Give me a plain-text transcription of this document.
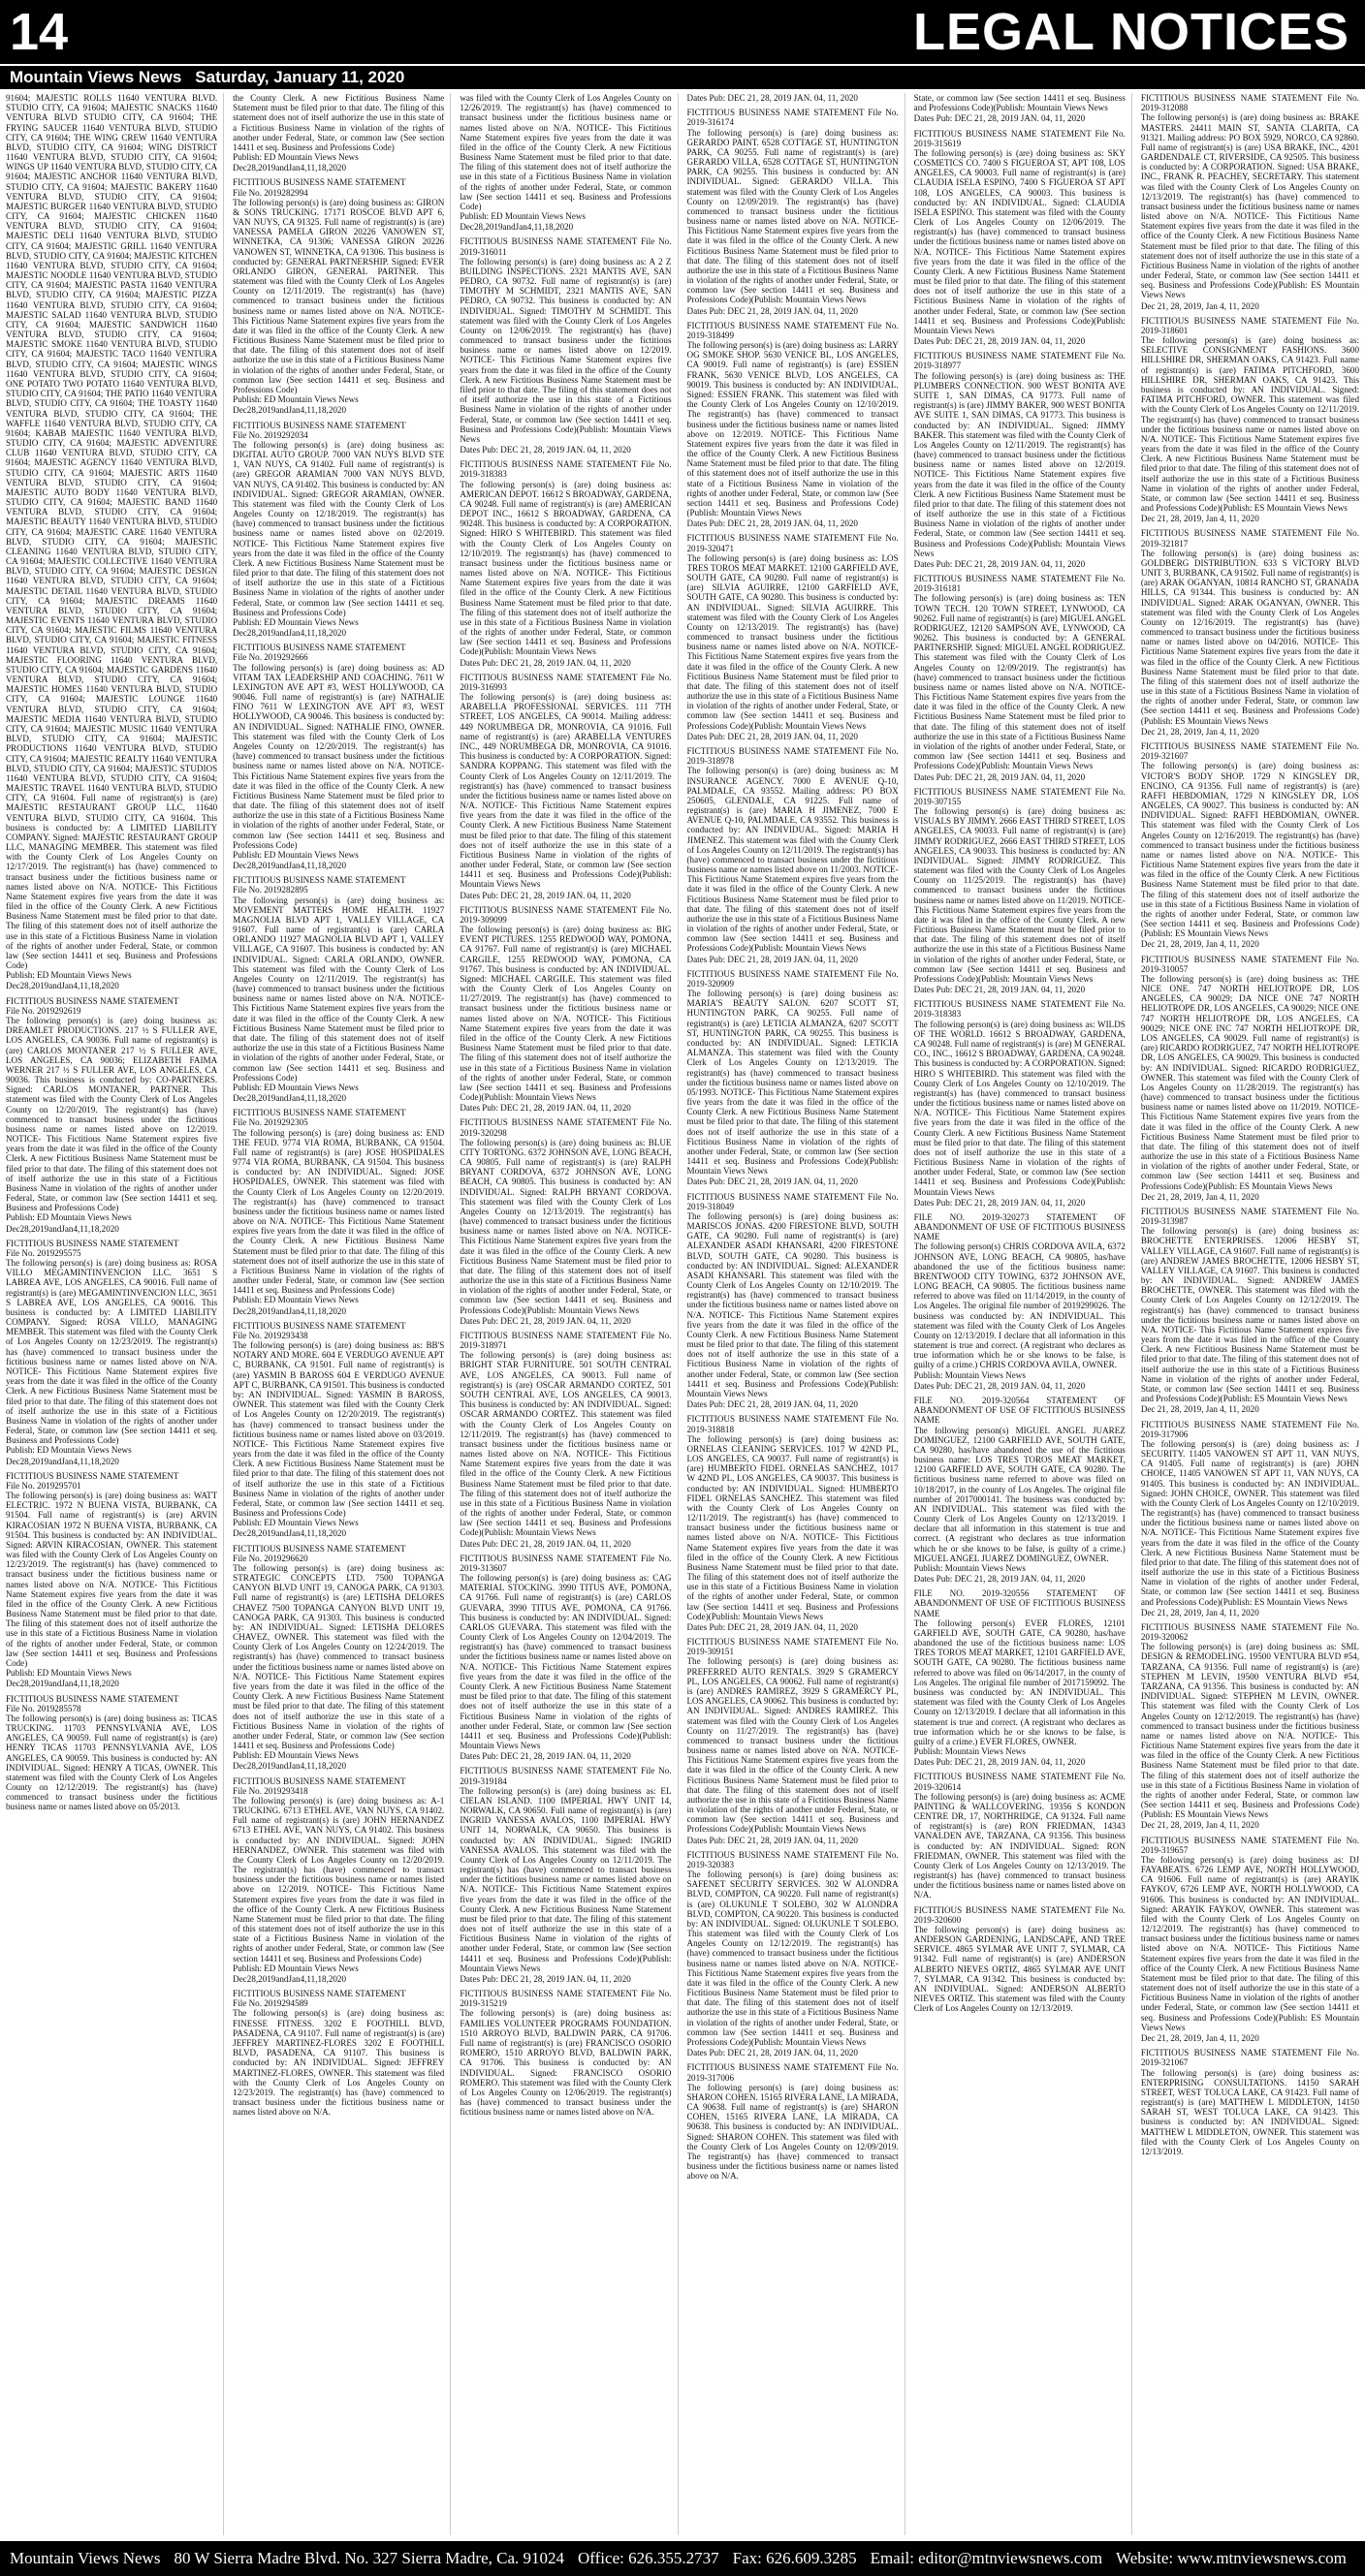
14	LEGAL NOTICES
Mountain Views News Saturday, January 11, 2020
91604; MAJESTIC ROLLS 11640 VENTURA BLVD. STUDIO CITY, CA 91604; MAJESTIC SNACKS 11640 VENTURA BLVD STUDIO CITY, CA 91604; THE FRYING SAUCER 11640 VENTURA BLVD, STUDIO CITY, CA 91604; THE WING CREW 11640 VENTURA BLVD, STUDIO CITY, CA 91604; WING DISTRICT 11640 VENTURA BLVD, STUDIO CITY, CA 91604; WINGS UP 11640 VENTURA BLVD, STUDIO CITY, CA 91604; MAJESTIC ANCHOR 11640 VENTURA BLVD, STUDIO CITY, CA 91604; MAJESTIC BAKERY 11640 VENTURA BLVD, STUDIO CITY, CA 91604; MAJESTIC BURGER 11640 VENTURA BLVD, STUDIO CITY, CA 91604; MAJESTIC CHICKEN 11640 VENTURA BLVD, STUDIO CITY, CA 91604; MAJESTIC DELI 11640 VENTURA BLVD, STUDIO CITY, CA 91604; MAJESTIC GRILL 11640 VENTURA BLVD, STUDIO CITY, CA 91604; MAJESTIC KITCHEN 11640 VENTURA BLVD, STUDIO CITY, CA 91604; MAJESTIC NOODLE 11640 VENTURA BLVD, STUDIO CITY, CA 91604; MAJESTIC PASTA 11640 VENTURA BLVD, STUDIO CITY, CA 91604; MAJESTIC PIZZA 11640 VENTURA BLVD, STUDIO CITY, CA 91604; MAJESTIC SALAD 11640 VENTURA BLVD, STUDIO CITY, CA 91604; MAJESTIC SANDWICH 11640 VENTURA BLVD, STUDIO CITY, CA 91604; MAJESTIC SMOKE 11640 VENTURA BLVD, STUDIO CITY, CA 91604; MAJESTIC TACO 11640 VENTURA BLVD, STUDIO CITY, CA 91604; MAJESTIC WINGS 11640 VENTURA BLVD, STUDIO CITY, CA 91604; ONE POTATO TWO POTATO 11640 VENTURA BLVD, STUDIO CITY, CA 91604; THE PATIO 11640 VENTURA BLVD, STUDIO CITY, CA 91604; THE TOASTY 11640 VENTURA BLVD, STUDIO CITY, CA 91604; THE WAFFLE 11640 VENTURA BLVD, STUDIO CITY, CA 91604; KABAB MAJESTIC 11640 VENTURA BLVD, STUDIO CITY, CA 91604; MAJESTIC ADVENTURE CLUB 11640 VENTURA BLVD, STUDIO CITY, CA 91604; MAJESTIC AGENCY 11640 VENTURA BLVD, STUDIO CITY, CA 91604; MAJESTIC ARTS 11640 VENTURA BLVD, STUDIO CITY, CA 91604; MAJESTIC AUTO BODY 11640 VENTURA BLVD, STUDIO CITY, CA 91604; MAJESTIC BAND 11640 VENTURA BLVD, STUDIO CITY, CA 91604; MAJESTIC BEAUTY 11640 VENTURA BLVD, STUDIO CITY, CA 91604; MAJESTIC CARE 11640 VENTURA BLVD, STUDIO CITY, CA 91604; MAJESTIC CLEANING 11640 VENTURA BLVD, STUDIO CITY, CA 91604; MAJESTIC COLLECTIVE 11640 VENTURA BLVD, STUDIO CITY, CA 91604; MAJESTIC DESIGN 11640 VENTURA BLVD, STUDIO CITY, CA 91604; MAJESTIC DETAIL 11640 VENTURA BLVD, STUDIO CITY, CA 91604; MAJESTIC DREAMS 11640 VENTURA BLVD, STUDIO CITY, CA 91604; MAJESTIC EVENTS 11640 VENTURA BLVD, STUDIO CITY, CA 91604; MAJESTIC FILMS 11640 VENTURA BLVD, STUDIO CITY, CA 91604; MAJESTIC FITNESS 11640 VENTURA BLVD, STUDIO CITY, CA 91604; MAJESTIC FLOORING 11640 VENTURA BLVD, STUDIO CITY, CA 91604; MAJESTIC GARDENS 11640 VENTURA BLVD, STUDIO CITY, CA 91604; MAJESTIC HOMES 11640 VENTURA BLVD, STUDIO CITY, CA 91604; MAJESTIC LOUNGE 11640 VENTURA BLVD, STUDIO CITY, CA 91604; MAJESTIC MEDIA 11640 VENTURA BLVD, STUDIO CITY, CA 91604; MAJESTIC MUSIC 11640 VENTURA BLVD, STUDIO CITY, CA 91604; MAJESTIC PRODUCTIONS 11640 VENTURA BLVD, STUDIO CITY, CA 91604; MAJESTIC REALTY 11640 VENTURA BLVD, STUDIO CITY, CA 91604; MAJESTIC STUDIOS 11640 VENTURA BLVD, STUDIO CITY, CA 91604; MAJESTIC TRAVEL 11640 VENTURA BLVD, STUDIO CITY, CA 91604. Full name of registrant(s) is (are) MAJESTIC RESTAURANT GROUP LLC, 11640 VENTURA BLVD, STUDIO CITY, CA 91604. This business is conducted by: A LIMITED LIABILITY COMPANY. Signed: MAJESTIC RESTAURANT GROUP LLC, MANAGING MEMBER. This statement was filed with the County Clerk of Los Angeles County on 12/17/2019. The registrant(s) has (have) commenced to transact business under the fictitious business name or names listed above on N/A. NOTICE- This Fictitious Name Statement expires five years from the date it was filed in the office of the County Clerk. A new Fictitious Business Name Statement must be filed prior to that date. The filing of this statement does not of itself authorize the use in this state of a Fictitious Business Name in violation of the rights of another under Federal, State, or common law (See section 14411 et seq. Business and Professions Code)
Publish: ED Mountain Views News
Dec28,2019andJan4,11,18,2020
FICTITIOUS BUSINESS NAME STATEMENT
File No. 2019292619
The following person(s) is (are) doing business as: DREAMLET PRODUCTIONS. 217 ½ S FULLER AVE, LOS ANGELES, CA 90036. Full name of registrant(s) is (are) CARLOS MONTANER 217 ½ S FULLER AVE, LOS ANGELES, CA 90036; ELIZABETH FAIMA WERNER 217 ½ S FULLER AVE, LOS ANGELES, CA 90036. This business is conducted by: CO-PARTNERS. Signed: CARLOS MONTANER, PARTNER. This statement was filed with the County Clerk of Los Angeles County on 12/20/2019. The registrant(s) has (have) commenced to transact business under the fictitious business name or names listed above on 12/2019. NOTICE- This Fictitious Name Statement expires five years from the date it was filed in the office of the County Clerk. A new Fictitious Business Name Statement must be filed prior to that date. The filing of this statement does not of itself authorize the use in this state of a Fictitious Business Name in violation of the rights of another under Federal, State, or common law (See section 14411 et seq. Business and Professions Code)
Publish: ED Mountain Views News
Dec28,2019andJan4,11,18,2020
FICTITIOUS BUSINESS NAME STATEMENT
File No. 2019295575
The following person(s) is (are) doing business as: ROSA VILLO MEGAMINTINVENCION LLC. 3651 S LABREA AVE, LOS ANGELES, CA 90016. Full name of registrant(s) is (are) MEGAMINTINVENCION LLC, 3651 S LABREA AVE, LOS ANGELES, CA 90016. This business is conducted by: A LIMITED LIABILITY COMPANY. Signed: ROSA VILLO, MANAGING MEMBER. This statement was filed with the County Clerk of Los Angeles County on 12/23/2019. The registrant(s) has (have) commenced to transact business under the fictitious business name or names listed above on N/A. NOTICE- This Fictitious Name Statement expires five years from the date it was filed in the office of the County Clerk. A new Fictitious Business Name Statement must be filed prior to that date. The filing of this statement does not of itself authorize the use in this state of a Fictitious Business Name in violation of the rights of another under Federal, State, or common law (See section 14411 et seq. Business and Professions Code)
Publish: ED Mountain Views News
Dec28,2019andJan4,11,18,2020
FICTITIOUS BUSINESS NAME STATEMENT
File No. 2019295701
The following person(s) is (are) doing business as: WATT ELECTRIC. 1972 N BUENA VISTA, BURBANK, CA 91504. Full name of registrant(s) is (are) ARVIN KIRACOSIAN 1972 N BUENA VISTA, BURBANK, CA 91504. This business is conducted by: AN INDIVIDUAL. Signed: ARVIN KIRACOSIAN, OWNER. This statement was filed with the County Clerk of Los Angeles County on 12/23/2019. The registrant(s) has (have) commenced to transact business under the fictitious business name or names listed above on N/A. NOTICE- This Fictitious Name Statement expires five years from the date it was filed in the office of the County Clerk. A new Fictitious Business Name Statement must be filed prior to that date. The filing of this statement does not of itself authorize the use in this state of a Fictitious Business Name in violation of the rights of another under Federal, State, or common law (See section 14411 et seq. Business and Professions Code)
Publish: ED Mountain Views News
Dec28,2019andJan4,11,18,2020
FICTITIOUS BUSINESS NAME STATEMENT
File No. 2019285578
The following person(s) is (are) doing business as: TICAS TRUCKING. 11703 PENNSYLVANIA AVE, LOS ANGELES, CA 90059. Full name of registrant(s) is (are) HENRY TICAS 11703 PENNSYLVANIA AVE, LOS ANGELES, CA 90059. This business is conducted by: AN INDIVIDUAL. Signed: HENRY A TICAS, OWNER. This statement was filed with the County Clerk of Los Angeles County on 12/12/2019. The registrant(s) has (have) commenced to transact business under the fictitious business name or names listed above on 05/2013.
the County Clerk. A new Fictitious Business Name Statement must be filed prior to that date. The filing of this statement does not of itself authorize the use in this state of a Fictitious Business Name in violation of the rights of another under Federal, State, or common law (See section 14411 et seq. Business and Professions Code)
Publish: ED Mountain Views News
Dec28,2019andJan4,11,18,2020
FICTITIOUS BUSINESS NAME STATEMENT
File No. 2019282994
The following person(s) is (are) doing business as: GIRON & SONS TRUCKING. 17171 ROSCOE BLVD APT 6, VAN NUYS, CA 91325. Full name of registrant(s) is (are) VANESSA PAMELA GIRON 20226 VANOWEN ST, WINNETKA, CA 91306; VANESSA GIRON 20226 VANOWEN ST, WINNETKA, CA 91306. This business is conducted by: GENERAL PARTNERSHIP. Signed: EVER ORLANDO GIRON, GENERAL PARTNER. This statement was filed with the County Clerk of Los Angeles County on 12/11/2019. The registrant(s) has (have) commenced to transact business under the fictitious business name or names listed above on N/A. NOTICE- This Fictitious Name Statement expires five years from the date it was filed in the office of the County Clerk. A new Fictitious Business Name Statement must be filed prior to that date. The filing of this statement does not of itself authorize the use in this state of a Fictitious Business Name in violation of the rights of another under Federal, State, or common law (See section 14411 et seq. Business and Professions Code)
Publish: ED Mountain Views News
Dec28,2019andJan4,11,18,2020
FICTITIOUS BUSINESS NAME STATEMENT
File No. 2019292034
The following person(s) is (are) doing business as: DIGITAL AUTO GROUP. 7000 VAN NUYS BLVD STE 1, VAN NUYS, CA 91402. Full name of registrant(s) is (are) GREGOR ARAMIAN 7000 VAN NUYS BLVD, VAN NUYS, CA 91402. This business is conducted by: AN INDIVIDUAL. Signed: GREGOR ARAMIAN, OWNER. This statement was filed with the County Clerk of Los Angeles County on 12/18/2019. The registrant(s) has (have) commenced to transact business under the fictitious business name or names listed above on 02/2019. NOTICE- This Fictitious Name Statement expires five years from the date it was filed in the office of the County Clerk. A new Fictitious Business Name Statement must be filed prior to that date. The filing of this statement does not of itself authorize the use in this state of a Fictitious Business Name in violation of the rights of another under Federal, State, or common law (See section 14411 et seq. Business and Professions Code)
Publish: ED Mountain Views News
Dec28,2019andJan4,11,18,2020
FICTITIOUS BUSINESS NAME STATEMENT
File No. 2019292666
The following person(s) is (are) doing business as: AD VITAM TAX LEADERSHIP AND COACHING. 7611 W LEXINGTON AVE APT #3, WEST HOLLYWOOD, CA 90046. Full name of registrant(s) is (are) NATHALIE FINO 7611 W LEXINGTON AVE APT #3, WEST HOLLYWOOD, CA 90046. This business is conducted by: AN INDIVIDUAL. Signed: NATHALIE FINO, OWNER. This statement was filed with the County Clerk of Los Angeles County on 12/20/2019. The registrant(s) has (have) commenced to transact business under the fictitious business name or names listed above on N/A. NOTICE- This Fictitious Name Statement expires five years from the date it was filed in the office of the County Clerk. A new Fictitious Business Name Statement must be filed prior to that date. The filing of this statement does not of itself authorize the use in this state of a Fictitious Business Name in violation of the rights of another under Federal, State, or common law (See section 14411 et seq. Business and Professions Code)
Publish: ED Mountain Views News
Dec28,2019andJan4,11,18,2020
FICTITIOUS BUSINESS NAME STATEMENT
File No. 2019282895
The following person(s) is (are) doing business as: MOVEMENT MATTERS HOME HEALTH. 11927 MAGNOLIA BLVD APT 1, VALLEY VILLAGE, CA 91607. Full name of registrant(s) is (are) CARLA ORLANDO 11927 MAGNOLIA BLVD APT 1, VALLEY VILLAGE, CA 91607. This business is conducted by: AN INDIVIDUAL. Signed: CARLA ORLANDO, OWNER. This statement was filed with the County Clerk of Los Angeles County on 12/11/2019. The registrant(s) has (have) commenced to transact business under the fictitious business name or names listed above on N/A. NOTICE- This Fictitious Name Statement expires five years from the date it was filed in the office of the County Clerk. A new Fictitious Business Name Statement must be filed prior to that date. The filing of this statement does not of itself authorize the use in this state of a Fictitious Business Name in violation of the rights of another under Federal, State, or common law (See section 14411 et seq. Business and Professions Code)
Publish: ED Mountain Views News
Dec28,2019andJan4,11,18,2020
FICTITIOUS BUSINESS NAME STATEMENT
File No. 2019292305
The following person(s) is (are) doing business as: END THE FEUD. 9774 VIA ROMA, BURBANK, CA 91504. Full name of registrant(s) is (are) JOSE HOSPIDALES 9774 VIA ROMA, BURBANK, CA 91504. This business is conducted by: AN INDIVIDUAL. Signed: JOSE HOSPIDALES, OWNER. This statement was filed with the County Clerk of Los Angeles County on 12/20/2019. The registrant(s) has (have) commenced to transact business under the fictitious business name or names listed above on N/A. NOTICE- This Fictitious Name Statement expires five years from the date it was filed in the office of the County Clerk. A new Fictitious Business Name Statement must be filed prior to that date. The filing of this statement does not of itself authorize the use in this state of a Fictitious Business Name in violation of the rights of another under Federal, State, or common law (See section 14411 et seq. Business and Professions Code)
Publish: ED Mountain Views News
Dec28,2019andJan4,11,18,2020
FICTITIOUS BUSINESS NAME STATEMENT
File No. 2019293438
The following person(s) is (are) doing business as: BB'S NOTARY AND MORE. 604 E VERDUGO AVENUE APT C, BURBANK, CA 91501. Full name of registrant(s) is (are) YASMIN B BAROSS 604 E VERDUGO AVENUE APT C, BURBANK, CA 91501. This business is conducted by: AN INDIVIDUAL. Signed: YASMIN B BAROSS, OWNER. This statement was filed with the County Clerk of Los Angeles County on 12/20/2019. The registrant(s) has (have) commenced to transact business under the fictitious business name or names listed above on 03/2019. NOTICE- This Fictitious Name Statement expires five years from the date it was filed in the office of the County Clerk. A new Fictitious Business Name Statement must be filed prior to that date. The filing of this statement does not of itself authorize the use in this state of a Fictitious Business Name in violation of the rights of another under Federal, State, or common law (See section 14411 et seq. Business and Professions Code)
Publish: ED Mountain Views News
Dec28,2019andJan4,11,18,2020
FICTITIOUS BUSINESS NAME STATEMENT
File No. 2019296620
The following person(s) is (are) doing business as: STRATEGIC CONCEPTS LTD. 7500 TOPANGA CANYON BLVD UNIT 19, CANOGA PARK, CA 91303. Full name of registrant(s) is (are) LETISHA DELORES CHAVEZ 7500 TOPANGA CANYON BLVD UNIT 19, CANOGA PARK, CA 91303. This business is conducted by: AN INDIVIDUAL. Signed: LETISHA DELORES CHAVEZ, OWNER. This statement was filed with the County Clerk of Los Angeles County on 12/24/2019. The registrant(s) has (have) commenced to transact business under the fictitious business name or names listed above on N/A. NOTICE- This Fictitious Name Statement expires five years from the date it was filed in the office of the County Clerk. A new Fictitious Business Name Statement must be filed prior to that date. The filing of this statement does not of itself authorize the use in this state of a Fictitious Business Name in violation of the rights of another under Federal, State, or common law (See section 14411 et seq. Business and Professions Code)
Publish: ED Mountain Views News
Dec28,2019andJan4,11,18,2020
FICTITIOUS BUSINESS NAME STATEMENT
File No. 2019293418
The following person(s) is (are) doing business as: A-1 TRUCKING. 6713 ETHEL AVE, VAN NUYS, CA 91402. Full name of registrant(s) is (are) JOHN HERNANDEZ 6713 ETHEL AVE, VAN NUYS, CA 91402. This business is conducted by: AN INDIVIDUAL. Signed: JOHN HERNANDEZ, OWNER. This statement was filed with the County Clerk of Los Angeles County on 12/20/2019. The registrant(s) has (have) commenced to transact business under the fictitious business name or names listed above on 12/2019. NOTICE- This Fictitious Name Statement expires five years from the date it was filed in the office of the County Clerk. A new Fictitious Business Name Statement must be filed prior to that date. The filing of this statement does not of itself authorize the use in this state of a Fictitious Business Name in violation of the rights of another under Federal, State, or common law (See section 14411 et seq. Business and Professions Code)
Publish: ED Mountain Views News
Dec28,2019andJan4,11,18,2020
FICTITIOUS BUSINESS NAME STATEMENT
File No. 2019294589
The following person(s) is (are) doing business as: FINESSE FITNESS. 3202 E FOOTHILL BLVD, PASADENA, CA 91107. Full name of registrant(s) is (are) JEFFREY MARTINEZ-FLORES 3202 E FOOTHILL BLVD, PASADENA, CA 91107. This business is conducted by: AN INDIVIDUAL. Signed: JEFFREY MARTINEZ-FLORES, OWNER. This statement was filed with the County Clerk of Los Angeles County on 12/23/2019. The registrant(s) has (have) commenced to transact business under the fictitious business name or names listed above on N/A.
was filed with the County Clerk of Los Angeles County on 12/26/2019. The registrant(s) has (have) commenced to transact business under the fictitious business name or names listed above on N/A. NOTICE- This Fictitious Name Statement expires five years from the date it was filed in the office of the County Clerk. A new Fictitious Business Name Statement must be filed prior to that date. The filing of this statement does not of itself authorize the use in this state of a Fictitious Business Name in violation of the rights of another under Federal, State, or common law (See section 14411 et seq. Business and Professions Code)
Publish: ED Mountain Views News
Dec28,2019andJan4,11,18,2020
FICTITIOUS BUSINESS NAME STATEMENT File No. 2019-316011
The following person(s) is (are) doing business as: A 2 Z BUILDING INSPECTIONS. 2321 MANTIS AVE, SAN PEDRO, CA 90732. Full name of registrant(s) is (are) TIMOTHY M SCHMIDT, 2321 MANTIS AVE, SAN PEDRO, CA 90732. This business is conducted by: AN INDIVIDUAL. Signed: TIMOTHY M SCHMIDT. This statement was filed with the County Clerk of Los Angeles County on 12/06/2019. The registrant(s) has (have) commenced to transact business under the fictitious business name or names listed above on 12/2019. NOTICE- This Fictitious Name Statement expires five years from the date it was filed in the office of the County Clerk. A new Fictitious Business Name Statement must be filed prior to that date. The filing of this statement does not of itself authorize the use in this state of a Fictitious Business Name in violation of the rights of another under Federal, State, or common law (See section 14411 et seq. Business and Professions Code)(Publish: Mountain Views News
Dates Pub: DEC 21, 28, 2019 JAN. 04, 11, 2020
FICTITIOUS BUSINESS NAME STATEMENT File No. 2019-318383
The following person(s) is (are) doing business as: AMERICAN DEPOT. 16612 S BROADWAY, GARDENA, CA 90248. Full name of registrant(s) is (are) AMERICAN DEPOT INC., 16612 S BROADWAY, GARDENA, CA 90248. This business is conducted by: A CORPORATION. Signed: HIRO S WHITEBIRD. This statement was filed with the County Clerk of Los Angeles County on 12/10/2019. The registrant(s) has (have) commenced to transact business under the fictitious business name or names listed above on N/A. NOTICE- This Fictitious Name Statement expires five years from the date it was filed in the office of the County Clerk. A new Fictitious Business Name Statement must be filed prior to that date. The filing of this statement does not of itself authorize the use in this state of a Fictitious Business Name in violation of the rights of another under Federal, State, or common law (See section 14411 et seq. Business and Professions Code)(Publish: Mountain Views News
Dates Pub: DEC 21, 28, 2019 JAN. 04, 11, 2020
FICTITIOUS BUSINESS NAME STATEMENT File No. 2019-316993
The following person(s) is (are) doing business as: ARABELLA PROFESSIONAL SERVICES. 111 7TH STREET, LOS ANGELES, CA 90014. Mailing address: 449 NORUMBEGA DR, MONROVIA, CA 91016. Full name of registrant(s) is (are) ARABELLA VENTURES INC., 449 NORUMBEGA DR, MONROVIA, CA 91016. This business is conducted by: A CORPORATION. Signed: SANDRA KOPPANG. This statement was filed with the County Clerk of Los Angeles County on 12/11/2019. The registrant(s) has (have) commenced to transact business under the fictitious business name or names listed above on N/A. NOTICE- This Fictitious Name Statement expires five years from the date it was filed in the office of the County Clerk. A new Fictitious Business Name Statement must be filed prior to that date. The filing of this statement does not of itself authorize the use in this state of a Fictitious Business Name in violation of the rights of another under Federal, State, or common law (See section 14411 et seq. Business and Professions Code)(Publish: Mountain Views News
Dates Pub: DEC 21, 28, 2019 JAN. 04, 11, 2020
FICTITIOUS BUSINESS NAME STATEMENT File No. 2019-309099
The following person(s) is (are) doing business as: BIG EVENT PICTURES. 1255 REDWOOD WAY, POMONA, CA 91767. Full name of registrant(s) is (are) MICHAEL CARGILE, 1255 REDWOOD WAY, POMONA, CA 91767. This business is conducted by: AN INDIVIDUAL. Signed: MICHAEL CARGILE. This statement was filed with the County Clerk of Los Angeles County on 11/27/2019. The registrant(s) has (have) commenced to transact business under the fictitious business name or names listed above on N/A. NOTICE- This Fictitious Name Statement expires five years from the date it was filed in the office of the County Clerk. A new Fictitious Business Name Statement must be filed prior to that date. The filing of this statement does not of itself authorize the use in this state of a Fictitious Business Name in violation of the rights of another under Federal, State, or common law (See section 14411 et seq. Business and Professions Code)(Publish: Mountain Views News
Dates Pub: DEC 21, 28, 2019 JAN. 04, 11, 2020
FICTITIOUS BUSINESS NAME STATEMENT File No. 2019-320298
The following person(s) is (are) doing business as: BLUE CITY TORTONG. 6372 JOHNSON AVE, LONG BEACH, CA 90805. Full name of registrant(s) is (are) RALPH BRYANT CORDOVA, 6372 JOHNSON AVE, LONG BEACH, CA 90805. This business is conducted by: AN INDIVIDUAL. Signed: RALPH BRYANT CORDOVA. This statement was filed with the County Clerk of Los Angeles County on 12/13/2019. The registrant(s) has (have) commenced to transact business under the fictitious business name or names listed above on N/A. NOTICE- This Fictitious Name Statement expires five years from the date it was filed in the office of the County Clerk. A new Fictitious Business Name Statement must be filed prior to that date. The filing of this statement does not of itself authorize the use in this state of a Fictitious Business Name in violation of the rights of another under Federal, State, or common law (See section 14411 et seq. Business and Professions Code)(Publish: Mountain Views News
Dates Pub: DEC 21, 28, 2019 JAN. 04, 11, 2020
FICTITIOUS BUSINESS NAME STATEMENT File No. 2019-318971
The following person(s) is (are) doing business as: BRIGHT STAR FURNITURE. 501 SOUTH CENTRAL AVE, LOS ANGELES, CA 90013. Full name of registrant(s) is (are) OSCAR ARMANDO CORTEZ, 501 SOUTH CENTRAL AVE, LOS ANGELES, CA 90013. This business is conducted by: AN INDIVIDUAL. Signed: OSCAR ARMANDO CORTEZ. This statement was filed with the County Clerk of Los Angeles County on 12/11/2019. The registrant(s) has (have) commenced to transact business under the fictitious business name or names listed above on N/A. NOTICE- This Fictitious Name Statement expires five years from the date it was filed in the office of the County Clerk. A new Fictitious Business Name Statement must be filed prior to that date. The filing of this statement does not of itself authorize the use in this state of a Fictitious Business Name in violation of the rights of another under Federal, State, or common law (See section 14411 et seq. Business and Professions Code)(Publish: Mountain Views News
Dates Pub: DEC 21, 28, 2019 JAN. 04, 11, 2020
FICTITIOUS BUSINESS NAME STATEMENT File No. 2019-313607
The following person(s) is (are) doing business as: CAG MATERIAL STOCKING. 3990 TITUS AVE, POMONA, CA 91766. Full name of registrant(s) is (are) CARLOS GUEVARA, 3990 TITUS AVE, POMONA, CA 91766. This business is conducted by: AN INDIVIDUAL. Signed: CARLOS GUEVARA. This statement was filed with the County Clerk of Los Angeles County on 12/04/2019. The registrant(s) has (have) commenced to transact business under the fictitious business name or names listed above on N/A. NOTICE- This Fictitious Name Statement expires five years from the date it was filed in the office of the County Clerk. A new Fictitious Business Name Statement must be filed prior to that date. The filing of this statement does not of itself authorize the use in this state of a Fictitious Business Name in violation of the rights of another under Federal, State, or common law (See section 14411 et seq. Business and Professions Code)(Publish: Mountain Views News
Dates Pub: DEC 21, 28, 2019 JAN. 04, 11, 2020
FICTITIOUS BUSINESS NAME STATEMENT File No. 2019-319184
The following person(s) is (are) doing business as: EL CIELAN ISLAND. 1100 IMPERIAL HWY UNIT 14, NORWALK, CA 90650. Full name of registrant(s) is (are) INGRID VANESSA AVALOS, 1100 IMPERIAL HWY UNIT 14, NORWALK, CA 90650. This business is conducted by: AN INDIVIDUAL. Signed: INGRID VANESSA AVALOS. This statement was filed with the County Clerk of Los Angeles County on 12/11/2019. The registrant(s) has (have) commenced to transact business under the fictitious business name or names listed above on N/A. NOTICE- This Fictitious Name Statement expires five years from the date it was filed in the office of the County Clerk. A new Fictitious Business Name Statement must be filed prior to that date. The filing of this statement does not of itself authorize the use in this state of a Fictitious Business Name in violation of the rights of another under Federal, State, or common law (See section 14411 et seq. Business and Professions Code)(Publish: Mountain Views News
Dates Pub: DEC 21, 28, 2019 JAN. 04, 11, 2020
FICTITIOUS BUSINESS NAME STATEMENT File No. 2019-315219
The following person(s) is (are) doing business as: FAMILIES VOLUNTEER PROGRAMS FOUNDATION. 1510 ARROYO BLVD, BALDWIN PARK, CA 91706. Full name of registrant(s) is (are) FRANCISCO OSORIO ROMERO, 1510 ARROYO BLVD, BALDWIN PARK, CA 91706. This business is conducted by: AN INDIVIDUAL. Signed: FRANCISCO OSORIO ROMERO. This statement was filed with the County Clerk of Los Angeles County on 12/06/2019. The registrant(s) has (have) commenced to transact business under the fictitious business name or names listed above on N/A.
Dates Pub: DEC 21, 28, 2019 JAN. 04, 11, 2020
FICTITIOUS BUSINESS NAME STATEMENT File No. 2019-316174
The following person(s) is (are) doing business as: GERARDO PAINT. 6528 COTTAGE ST, HUNTINGTON PARK, CA 90255. Full name of registrant(s) is (are) GERARDO VILLA, 6528 COTTAGE ST, HUNTINGTON PARK, CA 90255. This business is conducted by: AN INDIVIDUAL. Signed: GERARDO VILLA. This statement was filed with the County Clerk of Los Angeles County on 12/09/2019. The registrant(s) has (have) commenced to transact business under the fictitious business name or names listed above on N/A. NOTICE- This Fictitious Name Statement expires five years from the date it was filed in the office of the County Clerk. A new Fictitious Business Name Statement must be filed prior to that date. The filing of this statement does not of itself authorize the use in this state of a Fictitious Business Name in violation of the rights of another under Federal, State, or common law (See section 14411 et seq. Business and Professions Code)(Publish: Mountain Views News
Dates Pub: DEC 21, 28, 2019 JAN. 04, 11, 2020
FICTITIOUS BUSINESS NAME STATEMENT File No. 2019-318499
The following person(s) is (are) doing business as: LARRY OG SMOKE SHOP. 5630 VENICE BL, LOS ANGELES, CA 90019. Full name of registrant(s) is (are) ESSIEN FRANK, 5630 VENICE BLVD, LOS ANGELES, CA 90019. This business is conducted by: AN INDIVIDUAL. Signed: ESSIEN FRANK. This statement was filed with the County Clerk of Los Angeles County on 12/10/2019. The registrant(s) has (have) commenced to transact business under the fictitious business name or names listed above on 12/2019. NOTICE- This Fictitious Name Statement expires five years from the date it was filed in the office of the County Clerk. A new Fictitious Business Name Statement must be filed prior to that date. The filing of this statement does not of itself authorize the use in this state of a Fictitious Business Name in violation of the rights of another under Federal, State, or common law (See section 14411 et seq. Business and Professions Code)(Publish: Mountain Views News
Dates Pub: DEC 21, 28, 2019 JAN. 04, 11, 2020
FICTITIOUS BUSINESS NAME STATEMENT File No. 2019-320471
The following person(s) is (are) doing business as: LOS TRES TOROS MEAT MARKET. 12100 GARFIELD AVE, SOUTH GATE, CA 90280. Full name of registrant(s) is (are) SILVIA AGUIRRE, 12100 GARFIELD AVE, SOUTH GATE, CA 90280. This business is conducted by: AN INDIVIDUAL. Signed: SILVIA AGUIRRE. This statement was filed with the County Clerk of Los Angeles County on 12/13/2019. The registrant(s) has (have) commenced to transact business under the fictitious business name or names listed above on N/A. NOTICE- This Fictitious Name Statement expires five years from the date it was filed in the office of the County Clerk. A new Fictitious Business Name Statement must be filed prior to that date. The filing of this statement does not of itself authorize the use in this state of a Fictitious Business Name in violation of the rights of another under Federal, State, or common law (See section 14411 et seq. Business and Professions Code)(Publish: Mountain Views News
Dates Pub: DEC 21, 28, 2019 JAN. 04, 11, 2020
FICTITIOUS BUSINESS NAME STATEMENT File No. 2019-318978
The following person(s) is (are) doing business as: M INSURANCE AGENCY. 7000 E AVENUE Q-10, PALMDALE, CA 93552. Mailing address: PO BOX 250605, GLENDALE, CA 91225. Full name of registrant(s) is (are) MARIA H JIMENEZ, 7000 E AVENUE Q-10, PALMDALE, CA 93552. This business is conducted by: AN INDIVIDUAL. Signed: MARIA H JIMENEZ. This statement was filed with the County Clerk of Los Angeles County on 12/11/2019. The registrant(s) has (have) commenced to transact business under the fictitious business name or names listed above on 11/2003. NOTICE- This Fictitious Name Statement expires five years from the date it was filed in the office of the County Clerk. A new Fictitious Business Name Statement must be filed prior to that date. The filing of this statement does not of itself authorize the use in this state of a Fictitious Business Name in violation of the rights of another under Federal, State, or common law (See section 14411 et seq. Business and Professions Code)(Publish: Mountain Views News
Dates Pub: DEC 21, 28, 2019 JAN. 04, 11, 2020
FICTITIOUS BUSINESS NAME STATEMENT File No. 2019-320909
The following person(s) is (are) doing business as: MARIA'S BEAUTY SALON. 6207 SCOTT ST, HUNTINGTON PARK, CA 90255. Full name of registrant(s) is (are) LETICIA ALMANZA, 6207 SCOTT ST, HUNTINGTON PARK, CA 90255. This business is conducted by: AN INDIVIDUAL. Signed: LETICIA ALMANZA. This statement was filed with the County Clerk of Los Angeles County on 12/13/2019. The registrant(s) has (have) commenced to transact business under the fictitious business name or names listed above on 05/1993. NOTICE- This Fictitious Name Statement expires five years from the date it was filed in the office of the County Clerk. A new Fictitious Business Name Statement must be filed prior to that date. The filing of this statement does not of itself authorize the use in this state of a Fictitious Business Name in violation of the rights of another under Federal, State, or common law (See section 14411 et seq. Business and Professions Code)(Publish: Mountain Views News
Dates Pub: DEC 21, 28, 2019 JAN. 04, 11, 2020
FICTITIOUS BUSINESS NAME STATEMENT File No. 2019-318049
The following person(s) is (are) doing business as: MARISCOS JONAS. 4200 FIRESTONE BLVD, SOUTH GATE, CA 90280. Full name of registrant(s) is (are) ALEXANDER ASADI KHANSARI, 4200 FIRESTONE BLVD, SOUTH GATE, CA 90280. This business is conducted by: AN INDIVIDUAL. Signed: ALEXANDER ASADI KHANSARI. This statement was filed with the County Clerk of Los Angeles County on 12/10/2019. The registrant(s) has (have) commenced to transact business under the fictitious business name or names listed above on N/A. NOTICE- This Fictitious Name Statement expires five years from the date it was filed in the office of the County Clerk. A new Fictitious Business Name Statement must be filed prior to that date. The filing of this statement does not of itself authorize the use in this state of a Fictitious Business Name in violation of the rights of another under Federal, State, or common law (See section 14411 et seq. Business and Professions Code)(Publish: Mountain Views News
Dates Pub: DEC 21, 28, 2019 JAN. 04, 11, 2020
FICTITIOUS BUSINESS NAME STATEMENT File No. 2019-318818
The following person(s) is (are) doing business as: ORNELAS CLEANING SERVICES. 1017 W 42ND PL, LOS ANGELES, CA 90037. Full name of registrant(s) is (are) HUMBERTO FIDEL ORNELAS SANCHEZ, 1017 W 42ND PL, LOS ANGELES, CA 90037. This business is conducted by: AN INDIVIDUAL. Signed: HUMBERTO FIDEL ORNELAS SANCHEZ. This statement was filed with the County Clerk of Los Angeles County on 12/11/2019. The registrant(s) has (have) commenced to transact business under the fictitious business name or names listed above on N/A. NOTICE- This Fictitious Name Statement expires five years from the date it was filed in the office of the County Clerk. A new Fictitious Business Name Statement must be filed prior to that date. The filing of this statement does not of itself authorize the use in this state of a Fictitious Business Name in violation of the rights of another under Federal, State, or common law (See section 14411 et seq. Business and Professions Code)(Publish: Mountain Views News
Dates Pub: DEC 21, 28, 2019 JAN. 04, 11, 2020
FICTITIOUS BUSINESS NAME STATEMENT File No. 2019-309151
The following person(s) is (are) doing business as: PREFERRED AUTO RENTALS. 3929 S GRAMERCY PL, LOS ANGELES, CA 90062. Full name of registrant(s) is (are) ANDRES RAMIREZ, 3929 S GRAMERCY PL, LOS ANGELES, CA 90062. This business is conducted by: AN INDIVIDUAL. Signed: ANDRES RAMIREZ. This statement was filed with the County Clerk of Los Angeles County on 11/27/2019. The registrant(s) has (have) commenced to transact business under the fictitious business name or names listed above on N/A. NOTICE- This Fictitious Name Statement expires five years from the date it was filed in the office of the County Clerk. A new Fictitious Business Name Statement must be filed prior to that date. The filing of this statement does not of itself authorize the use in this state of a Fictitious Business Name in violation of the rights of another under Federal, State, or common law (See section 14411 et seq. Business and Professions Code)(Publish: Mountain Views News
Dates Pub: DEC 21, 28, 2019 JAN. 04, 11, 2020
FICTITIOUS BUSINESS NAME STATEMENT File No. 2019-320383
The following person(s) is (are) doing business as: SAFENET SECURITY SERVICES. 302 W ALONDRA BLVD, COMPTON, CA 90220. Full name of registrant(s) is (are) OLUKUNLE T SOLEBO, 302 W ALONDRA BLVD, COMPTON, CA 90220. This business is conducted by: AN INDIVIDUAL. Signed: OLUKUNLE T SOLEBO. This statement was filed with the County Clerk of Los Angeles County on 12/12/2019. The registrant(s) has (have) commenced to transact business under the fictitious business name or names listed above on N/A. NOTICE- This Fictitious Name Statement expires five years from the date it was filed in the office of the County Clerk. A new Fictitious Business Name Statement must be filed prior to that date. The filing of this statement does not of itself authorize the use in this state of a Fictitious Business Name in violation of the rights of another under Federal, State, or common law (See section 14411 et seq. Business and Professions Code)(Publish: Mountain Views News
Dates Pub: DEC 21, 28, 2019 JAN. 04, 11, 2020
FICTITIOUS BUSINESS NAME STATEMENT File No. 2019-317006
The following person(s) is (are) doing business as: SHARON COHEN. 15165 RIVERA LANE, LA MIRADA, CA 90638. Full name of registrant(s) is (are) SHARON COHEN, 15165 RIVERA LANE, LA MIRADA, CA 90638. This business is conducted by: AN INDIVIDUAL. Signed: SHARON COHEN. This statement was filed with the County Clerk of Los Angeles County on 12/09/2019. The registrant(s) has (have) commenced to transact business under the fictitious business name or names listed above on N/A.
State, or common law (See section 14411 et seq. Business and Professions Code)(Publish: Mountain Views News
Dates Pub: DEC 21, 28, 2019 JAN. 04, 11, 2020
FICTITIOUS BUSINESS NAME STATEMENT File No. 2019-315619
The following person(s) is (are) doing business as: SKY COSMETICS CO. 7400 S FIGUEROA ST, APT 108, LOS ANGELES, CA 90003. Full name of registrant(s) is (are) CLAUDIA ISELA ESPINO, 7400 S FIGUEROA ST APT 108, LOS ANGELES, CA 90003. This business is conducted by: AN INDIVIDUAL. Signed: CLAUDIA ISELA ESPINO. This statement was filed with the County Clerk of Los Angeles County on 12/06/2019. The registrant(s) has (have) commenced to transact business under the fictitious business name or names listed above on N/A. NOTICE- This Fictitious Name Statement expires five years from the date it was filed in the office of the County Clerk. A new Fictitious Business Name Statement must be filed prior to that date. The filing of this statement does not of itself authorize the use in this state of a Fictitious Business Name in violation of the rights of another under Federal, State, or common law (See section 14411 et seq. Business and Professions Code)(Publish: Mountain Views News
Dates Pub: DEC 21, 28, 2019 JAN. 04, 11, 2020
FICTITIOUS BUSINESS NAME STATEMENT File No. 2019-318977
The following person(s) is (are) doing business as: THE PLUMBERS CONNECTION. 900 WEST BONITA AVE SUITE 1, SAN DIMAS, CA 91773. Full name of registrant(s) is (are) JIMMY BAKER, 900 WEST BONITA AVE SUITE 1, SAN DIMAS, CA 91773. This business is conducted by: AN INDIVIDUAL. Signed: JIMMY BAKER. This statement was filed with the County Clerk of Los Angeles County on 12/11/2019. The registrant(s) has (have) commenced to transact business under the fictitious business name or names listed above on 12/2019. NOTICE- This Fictitious Name Statement expires five years from the date it was filed in the office of the County Clerk. A new Fictitious Business Name Statement must be filed prior to that date. The filing of this statement does not of itself authorize the use in this state of a Fictitious Business Name in violation of the rights of another under Federal, State, or common law (See section 14411 et seq. Business and Professions Code)(Publish: Mountain Views News
Dates Pub: DEC 21, 28, 2019 JAN. 04, 11, 2020
FICTITIOUS BUSINESS NAME STATEMENT File No. 2019-316181
The following person(s) is (are) doing business as: TEN TOWN TECH. 120 TOWN STREET, LYNWOOD, CA 90262. Full name of registrant(s) is (are) MIGUEL ANGEL RODRIGUEZ, 12120 SAMPSON AVE, LYNWOOD, CA 90262. This business is conducted by: A GENERAL PARTNERSHIP. Signed: MIGUEL ANGEL RODRIGUEZ. This statement was filed with the County Clerk of Los Angeles County on 12/09/2019. The registrant(s) has (have) commenced to transact business under the fictitious business name or names listed above on N/A. NOTICE- This Fictitious Name Statement expires five years from the date it was filed in the office of the County Clerk. A new Fictitious Business Name Statement must be filed prior to that date. The filing of this statement does not of itself authorize the use in this state of a Fictitious Business Name in violation of the rights of another under Federal, State, or common law (See section 14411 et seq. Business and Professions Code)(Publish: Mountain Views News
Dates Pub: DEC 21, 28, 2019 JAN. 04, 11, 2020
FICTITIOUS BUSINESS NAME STATEMENT File No. 2019-307155
The following person(s) is (are) doing business as: VISUALS BY JIMMY. 2666 EAST THIRD STREET, LOS ANGELES, CA 90033. Full name of registrant(s) is (are) JIMMY RODRIGUEZ, 2666 EAST THIRD STREET, LOS ANGELES, CA 90033. This business is conducted by: AN INDIVIDUAL. Signed: JIMMY RODRIGUEZ. This statement was filed with the County Clerk of Los Angeles County on 11/25/2019. The registrant(s) has (have) commenced to transact business under the fictitious business name or names listed above on 11/2019. NOTICE- This Fictitious Name Statement expires five years from the date it was filed in the office of the County Clerk. A new Fictitious Business Name Statement must be filed prior to that date. The filing of this statement does not of itself authorize the use in this state of a Fictitious Business Name in violation of the rights of another under Federal, State, or common law (See section 14411 et seq. Business and Professions Code)(Publish: Mountain Views News
Dates Pub: DEC 21, 28, 2019 JAN. 04, 11, 2020
FICTITIOUS BUSINESS NAME STATEMENT File No. 2019-318383
The following person(s) is (are) doing business as: WILDS OF THE WORLD. 16612 S BROADWAY, GARDENA, CA 90248. Full name of registrant(s) is (are) M GENERAL CO., INC., 16612 S BROADWAY, GARDENA, CA 90248. This business is conducted by: A CORPORATION. Signed: HIRO S WHITEBIRD. This statement was filed with the County Clerk of Los Angeles County on 12/10/2019. The registrant(s) has (have) commenced to transact business under the fictitious business name or names listed above on N/A. NOTICE- This Fictitious Name Statement expires five years from the date it was filed in the office of the County Clerk. A new Fictitious Business Name Statement must be filed prior to that date. The filing of this statement does not of itself authorize the use in this state of a Fictitious Business Name in violation of the rights of another under Federal, State, or common law (See section 14411 et seq. Business and Professions Code)(Publish: Mountain Views News
Dates Pub: DEC 21, 28, 2019 JAN. 04, 11, 2020
FILE NO. 2019-320273 STATEMENT OF ABANDONMENT OF USE OF FICTITIOUS BUSINESS NAME
The following person(s) CHRIS CORDOVA AVILA, 6372 JOHNSON AVE, LONG BEACH, CA 90805, has/have abandoned the use of the fictitious business name: BRENTWOOD CITY TOWING, 6372 JOHNSON AVE, LONG BEACH, CA 90805. The fictitious business name referred to above was filed on 11/14/2019, in the county of Los Angeles. The original file number of 2019299026. The business was conducted by: AN INDIVIDUAL. This statement was filed with the County Clerk of Los Angeles County on 12/13/2019. I declare that all information in this statement is true and correct. (A registrant who declares as true information which he or she knows to be false, is guilty of a crime.) CHRIS CORDOVA AVILA, OWNER.
Publish: Mountain Views News
Dates Pub: DEC 21, 28, 2019 JAN. 04, 11, 2020
FILE NO. 2019-320564 STATEMENT OF ABANDONMENT OF USE OF FICTITIOUS BUSINESS NAME
The following person(s) MIGUEL ANGEL JUAREZ DOMINGUEZ, 12100 GARFIELD AVE, SOUTH GATE, CA 90280, has/have abandoned the use of the fictitious business name: LOS TRES TOROS MEAT MARKET, 12100 GARFIELD AVE, SOUTH GATE, CA 90280. The fictitious business name referred to above was filed on 10/18/2017, in the county of Los Angeles. The original file number of 2017000141. The business was conducted by: AN INDIVIDUAL. This statement was filed with the County Clerk of Los Angeles County on 12/13/2019. I declare that all information in this statement is true and correct. (A registrant who declares as true information which he or she knows to be false, is guilty of a crime.) MIGUEL ANGEL JUAREZ DOMINGUEZ, OWNER.
Publish: Mountain Views News
Dates Pub: DEC 21, 28, 2019 JAN. 04, 11, 2020
FILE NO. 2019-320556 STATEMENT OF ABANDONMENT OF USE OF FICTITIOUS BUSINESS NAME
The following person(s) EVER FLORES, 12101 GARFIELD AVE, SOUTH GATE, CA 90280, has/have abandoned the use of the fictitious business name: LOS TRES TOROS MEAT MARKET, 12101 GARFIELD AVE, SOUTH GATE, CA 90280. The fictitious business name referred to above was filed on 06/14/2017, in the county of Los Angeles. The original file number of 2017159092. The business was conducted by: AN INDIVIDUAL. This statement was filed with the County Clerk of Los Angeles County on 12/13/2019. I declare that all information in this statement is true and correct. (A registrant who declares as true information which he or she knows to be false, is guilty of a crime.) EVER FLORES, OWNER.
Publish: Mountain Views News
Dates Pub: DEC 21, 28, 2019 JAN. 04, 11, 2020
FICTITIOUS BUSINESS NAME STATEMENT File No. 2019-320614
The following person(s) is (are) doing business as: ACME PAINTING & WALLCOVERING. 19356 S KONDON CENTRE DR, 17, NORTHRIDGE, CA 91324. Full name of registrant(s) is (are) RON FRIEDMAN, 14343 VANALDEN AVE, TARZANA, CA 91356. This business is conducted by: AN INDIVIDUAL. Signed: RON FRIEDMAN, OWNER. This statement was filed with the County Clerk of Los Angeles County on 12/13/2019. The registrant(s) has (have) commenced to transact business under the fictitious business name or names listed above on N/A.
FICTITIOUS BUSINESS NAME STATEMENT File No. 2019-320600
The following person(s) is (are) doing business as: ANDERSON GARDENING, LANDSCAPE, AND TREE SERVICE. 4865 SYLMAR AVE UNIT 7, SYLMAR, CA 91342. Full name of registrant(s) is (are) ANDERSON ALBERTO NIEVES ORTIZ, 4865 SYLMAR AVE UNIT 7, SYLMAR, CA 91342. This business is conducted by: AN INDIVIDUAL. Signed: ANDERSON ALBERTO NIEVES ORTIZ. This statement was filed with the County Clerk of Los Angeles County on 12/13/2019.
FICTITIOUS BUSINESS NAME STATEMENT File No. 2019-312088
The following person(s) is (are) doing business as: BRAKE MASTERS. 24411 MAIN ST, SANTA CLARITA, CA 91321. Mailing address: PO BOX 5929, NORCO, CA 92860. Full name of registrant(s) is (are) USA BRAKE, INC., 4201 GARDENDALE CT, RIVERSIDE, CA 92505. This business is conducted by: A CORPORATION. Signed: USA BRAKE, INC., FRANK R. PEACHEY, SECRETARY. This statement was filed with the County Clerk of Los Angeles County on 12/13/2019. The registrant(s) has (have) commenced to transact business under the fictitious business name or names listed above on N/A. NOTICE- This Fictitious Name Statement expires five years from the date it was filed in the office of the County Clerk. A new Fictitious Business Name Statement must be filed prior to that date. The filing of this statement does not of itself authorize the use in this state of a Fictitious Business Name in violation of the rights of another under Federal, State, or common law (See section 14411 et seq. Business and Professions Code)(Publish: ES Mountain Views News
Dec 21, 28, 2019, Jan 4, 11, 2020
FICTITIOUS BUSINESS NAME STATEMENT File No. 2019-318601
The following person(s) is (are) doing business as: SELECTIVE CONSIGNMENT FASHIONS. 3600 HILLSHIRE DR, SHERMAN OAKS, CA 91423. Full name of registrant(s) is (are) FATIMA PITCHFORD, 3600 HILLSHIRE DR, SHERMAN OAKS, CA 91423. This business is conducted by: AN INDIVIDUAL. Signed: FATIMA PITCHFORD, OWNER. This statement was filed with the County Clerk of Los Angeles County on 12/11/2019. The registrant(s) has (have) commenced to transact business under the fictitious business name or names listed above on N/A. NOTICE- This Fictitious Name Statement expires five years from the date it was filed in the office of the County Clerk. A new Fictitious Business Name Statement must be filed prior to that date. The filing of this statement does not of itself authorize the use in this state of a Fictitious Business Name in violation of the rights of another under Federal, State, or common law (See section 14411 et seq. Business and Professions Code)(Publish: ES Mountain Views News
Dec 21, 28, 2019, Jan 4, 11, 2020
FICTITIOUS BUSINESS NAME STATEMENT File No. 2019-321817
The following person(s) is (are) doing business as: GOLDBERG DISTRIBUTION. 633 S VICTORY BLVD UNIT 3, BURBANK, CA 91502. Full name of registrant(s) is (are) ARAK OGANYAN, 10814 RANCHO ST, GRANADA HILLS, CA 91344. This business is conducted by: AN INDIVIDUAL. Signed: ARAK OGANYAN, OWNER. This statement was filed with the County Clerk of Los Angeles County on 12/16/2019. The registrant(s) has (have) commenced to transact business under the fictitious business name or names listed above on 04/2016. NOTICE- This Fictitious Name Statement expires five years from the date it was filed in the office of the County Clerk. A new Fictitious Business Name Statement must be filed prior to that date. The filing of this statement does not of itself authorize the use in this state of a Fictitious Business Name in violation of the rights of another under Federal, State, or common law (See section 14411 et seq. Business and Professions Code)(Publish: ES Mountain Views News
Dec 21, 28, 2019, Jan 4, 11, 2020
FICTITIOUS BUSINESS NAME STATEMENT File No. 2019-321607
The following person(s) is (are) doing business as: VICTOR'S BODY SHOP. 1729 N KINGSLEY DR, ENCINO, CA 91356. Full name of registrant(s) is (are) RAFFI HEBDOMIAN, 1729 N KINGSLEY DR, LOS ANGELES, CA 90027. This business is conducted by: AN INDIVIDUAL. Signed: RAFFI HEBDOMIAN, OWNER. This statement was filed with the County Clerk of Los Angeles County on 12/16/2019. The registrant(s) has (have) commenced to transact business under the fictitious business name or names listed above on N/A. NOTICE- This Fictitious Name Statement expires five years from the date it was filed in the office of the County Clerk. A new Fictitious Business Name Statement must be filed prior to that date. The filing of this statement does not of itself authorize the use in this state of a Fictitious Business Name in violation of the rights of another under Federal, State, or common law (See section 14411 et seq. Business and Professions Code)(Publish: ES Mountain Views News
Dec 21, 28, 2019, Jan 4, 11, 2020
FICTITIOUS BUSINESS NAME STATEMENT File No. 2019-310057
The following person(s) is (are) doing business as: THE NICE ONE. 747 NORTH HELIOTROPE DR, LOS ANGELES, CA 90029; DA NICE ONE 747 NORTH HELIOTROPE DR, LOS ANGELES, CA 90029; NICE ONE 747 NORTH HELIOTROPE DR, LOS ANGELES, CA 90029; NICE ONE INC 747 NORTH HELIOTROPE DR, LOS ANGELES, CA 90029. Full name of registrant(s) is (are) RICARDO RODRIGUEZ, 747 NORTH HELIOTROPE DR, LOS ANGELES, CA 90029. This business is conducted by: AN INDIVIDUAL. Signed: RICARDO RODRIGUEZ, OWNER. This statement was filed with the County Clerk of Los Angeles County on 11/28/2019. The registrant(s) has (have) commenced to transact business under the fictitious business name or names listed above on 11/2019. NOTICE- This Fictitious Name Statement expires five years from the date it was filed in the office of the County Clerk. A new Fictitious Business Name Statement must be filed prior to that date. The filing of this statement does not of itself authorize the use in this state of a Fictitious Business Name in violation of the rights of another under Federal, State, or common law (See section 14411 et seq. Business and Professions Code)(Publish: ES Mountain Views News
Dec 21, 28, 2019, Jan 4, 11, 2020
FICTITIOUS BUSINESS NAME STATEMENT File No. 2019-313987
The following person(s) is (are) doing business as: BROCHETTE ENTERPRISES. 12006 HESBY ST, VALLEY VILLAGE, CA 91607. Full name of registrant(s) is (are) ANDREW JAMES BROCHETTE, 12006 HESBY ST, VALLEY VILLAGE, CA 91607. This business is conducted by: AN INDIVIDUAL. Signed: ANDREW JAMES BROCHETTE, OWNER. This statement was filed with the County Clerk of Los Angeles County on 12/12/2019. The registrant(s) has (have) commenced to transact business under the fictitious business name or names listed above on N/A. NOTICE- This Fictitious Name Statement expires five years from the date it was filed in the office of the County Clerk. A new Fictitious Business Name Statement must be filed prior to that date. The filing of this statement does not of itself authorize the use in this state of a Fictitious Business Name in violation of the rights of another under Federal, State, or common law (See section 14411 et seq. Business and Professions Code)(Publish: ES Mountain Views News
Dec 21, 28, 2019, Jan 4, 11, 2020
FICTITIOUS BUSINESS NAME STATEMENT File No. 2019-317906
The following person(s) is (are) doing business as: J SECURITY. 11405 VANOWEN ST APT 11, VAN NUYS, CA 91405. Full name of registrant(s) is (are) JOHN CHOICE, 11405 VANOWEN ST APT 11, VAN NUYS, CA 91405. This business is conducted by: AN INDIVIDUAL. Signed: JOHN CHOICE, OWNER. This statement was filed with the County Clerk of Los Angeles County on 12/10/2019. The registrant(s) has (have) commenced to transact business under the fictitious business name or names listed above on N/A. NOTICE- This Fictitious Name Statement expires five years from the date it was filed in the office of the County Clerk. A new Fictitious Business Name Statement must be filed prior to that date. The filing of this statement does not of itself authorize the use in this state of a Fictitious Business Name in violation of the rights of another under Federal, State, or common law (See section 14411 et seq. Business and Professions Code)(Publish: ES Mountain Views News
Dec 21, 28, 2019, Jan 4, 11, 2020
FICTITIOUS BUSINESS NAME STATEMENT File No. 2019-320062
The following person(s) is (are) doing business as: SML DESIGN & REMODELING. 19500 VENTURA BLVD #54, TARZANA, CA 91356. Full name of registrant(s) is (are) STEPHEN M LEVIN, 19500 VENTURA BLVD #54, TARZANA, CA 91356. This business is conducted by: AN INDIVIDUAL. Signed: STEPHEN M LEVIN, OWNER. This statement was filed with the County Clerk of Los Angeles County on 12/12/2019. The registrant(s) has (have) commenced to transact business under the fictitious business name or names listed above on N/A. NOTICE- This Fictitious Name Statement expires five years from the date it was filed in the office of the County Clerk. A new Fictitious Business Name Statement must be filed prior to that date. The filing of this statement does not of itself authorize the use in this state of a Fictitious Business Name in violation of the rights of another under Federal, State, or common law (See section 14411 et seq. Business and Professions Code)(Publish: ES Mountain Views News
Dec 21, 28, 2019, Jan 4, 11, 2020
FICTITIOUS BUSINESS NAME STATEMENT File No. 2019-319657
The following person(s) is (are) doing business as: DJ FAYABEATS. 6726 LEMP AVE, NORTH HOLLYWOOD, CA 91606. Full name of registrant(s) is (are) ARAYIK FAYKOV, 6726 LEMP AVE, NORTH HOLLYWOOD, CA 91606. This business is conducted by: AN INDIVIDUAL. Signed: ARAYIK FAYKOV, OWNER. This statement was filed with the County Clerk of Los Angeles County on 12/12/2019. The registrant(s) has (have) commenced to transact business under the fictitious business name or names listed above on N/A. NOTICE- This Fictitious Name Statement expires five years from the date it was filed in the office of the County Clerk. A new Fictitious Business Name Statement must be filed prior to that date. The filing of this statement does not of itself authorize the use in this state of a Fictitious Business Name in violation of the rights of another under Federal, State, or common law (See section 14411 et seq. Business and Professions Code)(Publish: ES Mountain Views News
Dec 21, 28, 2019, Jan 4, 11, 2020
FICTITIOUS BUSINESS NAME STATEMENT File No. 2019-321067
The following person(s) is (are) doing business as: ENTERPRISING CONSULTATIONS. 14150 SARAH STREET, WEST TOLUCA LAKE, CA 91423. Full name of registrant(s) is (are) MATTHEW L MIDDLETON, 14150 SARAH ST, WEST TOLUCA LAKE, CA 91423. This business is conducted by: AN INDIVIDUAL. Signed: MATTHEW L MIDDLETON, OWNER. This statement was filed with the County Clerk of Los Angeles County on 12/13/2019.
Mountain Views News 80 W Sierra Madre Blvd. No. 327 Sierra Madre, Ca. 91024 Office: 626.355.2737 Fax: 626.609.3285 Email: editor@mtnviewsnews.com Website: www.mtnviewsnews.com
